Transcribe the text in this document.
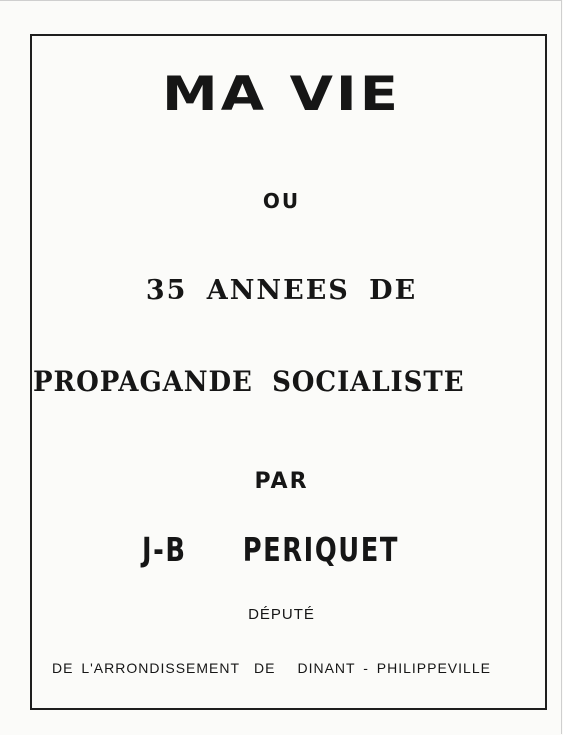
MA VIE
OU
35 ANNEES DE
PROPAGANDE SOCIALISTE
PAR
J-B PERIQUET
DÉPUTÉ
DE L'ARRONDISSEMENT DE DINANT - PHILIPPEVILLE
